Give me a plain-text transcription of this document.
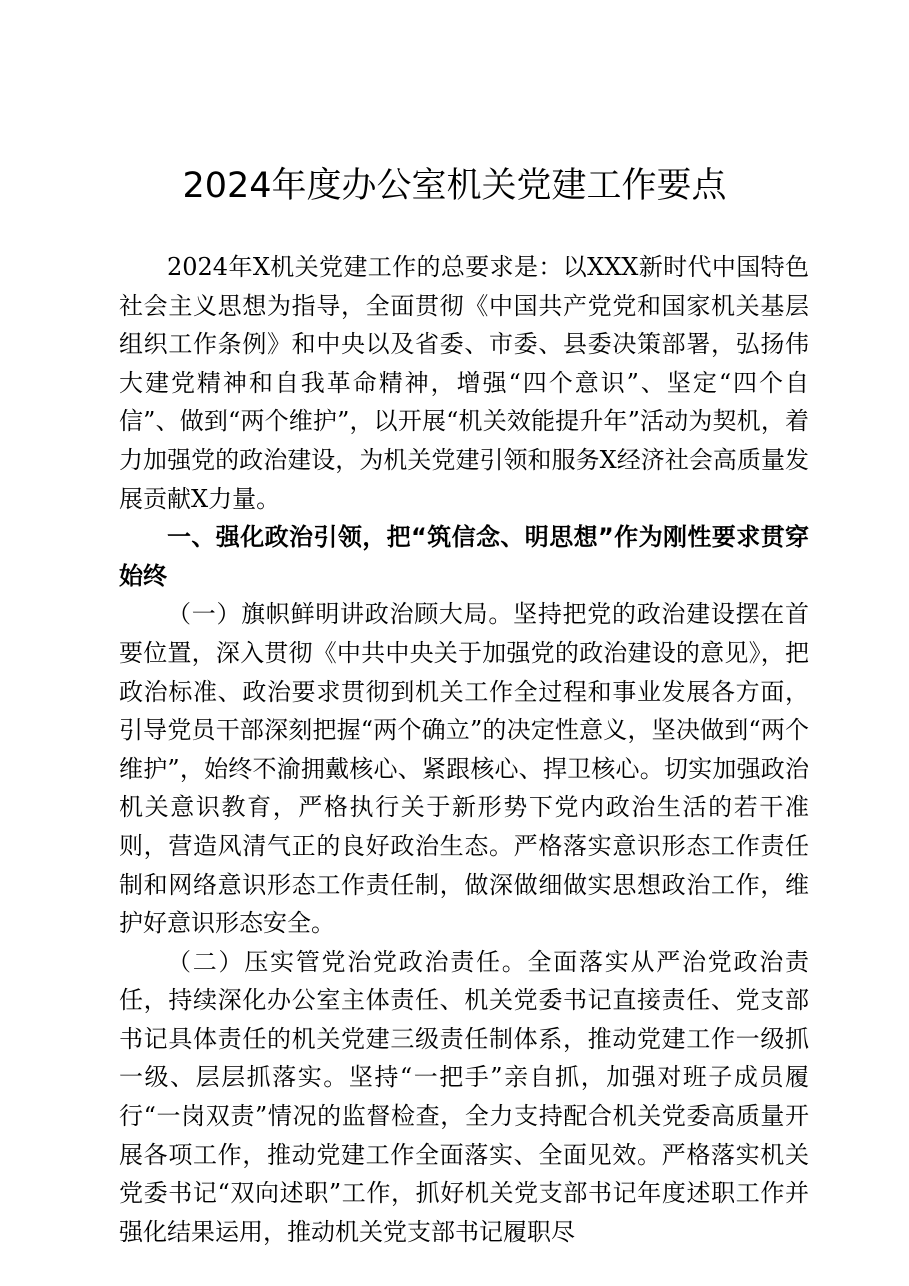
2024年度办公室机关党建工作要点

2024年X机关党建工作的总要求是：以XXX新时代中国特色社会主义思想为指导，全面贯彻《中国共产党党和国家机关基层组织工作条例》和中央以及省委、市委、县委决策部署，弘扬伟大建党精神和自我革命精神，增强“四个意识”、坚定“四个自信”、做到“两个维护”，以开展“机关效能提升年”活动为契机，着力加强党的政治建设，为机关党建引领和服务X经济社会高质量发展贡献X力量。

一、强化政治引领，把“筑信念、明思想”作为刚性要求贯穿始终

（一）旗帜鲜明讲政治顾大局。坚持把党的政治建设摆在首要位置，深入贯彻《中共中央关于加强党的政治建设的意见》，把政治标准、政治要求贯彻到机关工作全过程和事业发展各方面，引导党员干部深刻把握“两个确立”的决定性意义，坚决做到“两个维护”，始终不渝拥戴核心、紧跟核心、捍卫核心。切实加强政治机关意识教育，严格执行关于新形势下党内政治生活的若干准则，营造风清气正的良好政治生态。严格落实意识形态工作责任制和网络意识形态工作责任制，做深做细做实思想政治工作，维护好意识形态安全。

（二）压实管党治党政治责任。全面落实从严治党政治责任，持续深化办公室主体责任、机关党委书记直接责任、党支部书记具体责任的机关党建三级责任制体系，推动党建工作一级抓一级、层层抓落实。坚持“一把手”亲自抓，加强对班子成员履行“一岗双责”情况的监督检查，全力支持配合机关党委高质量开展各项工作，推动党建工作全面落实、全面见效。严格落实机关党委书记“双向述职”工作，抓好机关党支部书记年度述职工作并强化结果运用，推动机关党支部书记履职尽
